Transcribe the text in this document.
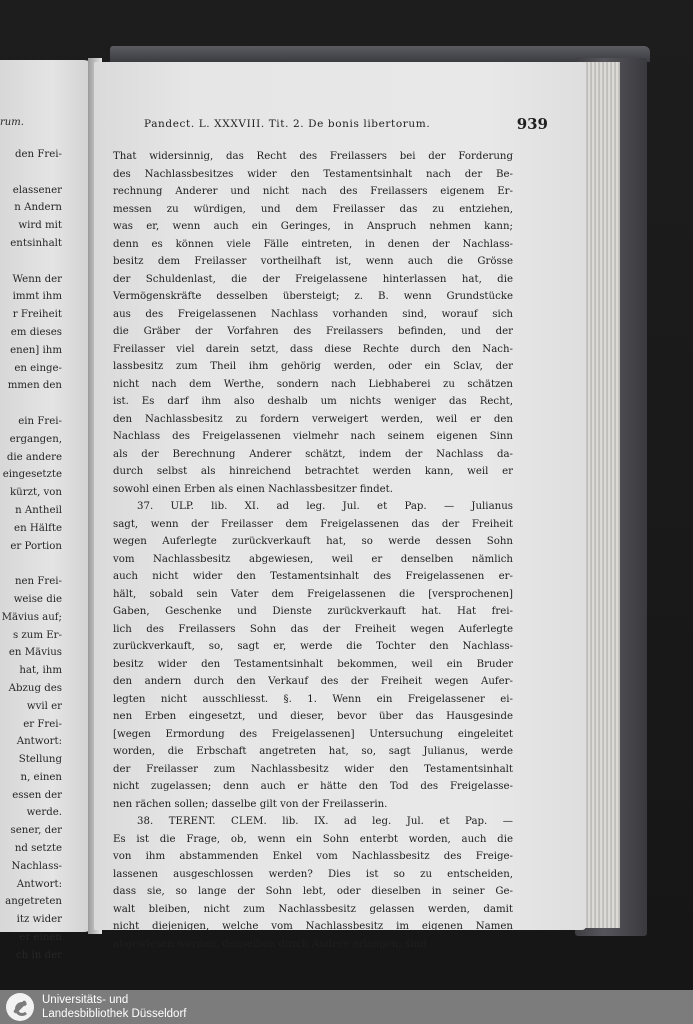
rum.
den Frei-
elassener
n Andern
wird mit
entsinhalt
Wenn der
immt ihm
r Freiheit
em dieses
enen] ihm
en einge-
mmen den
ein Frei-
ergangen,
die andere
eingesetzte
kürzt, von
n Antheil
en Hälfte
er Portion
nen Frei-
weise die
Mävius auf;
s zum Er-
en Mävius
hat, ihm
Abzug des
wvil er
er Frei-
Antwort:
Stellung
n, einen
essen der
werde.
sener, der
nd setzte
Nachlass-
Antwort:
angetreten
itz wider
er einen
ch in der
Pandect. L. XXXVIII. Tit. 2. De bonis libertorum.	939
That widersinnig, das Recht des Freilassers bei der Forderung
des Nachlassbesitzes wider den Testamentsinhalt nach der Be-
rechnung Anderer und nicht nach des Freilassers eigenem Er-
messen zu würdigen, und dem Freilasser das zu entziehen,
was er, wenn auch ein Geringes, in Anspruch nehmen kann;
denn es können viele Fälle eintreten, in denen der Nachlass-
besitz dem Freilasser vortheilhaft ist, wenn auch die Grösse
der Schuldenlast, die der Freigelassene hinterlassen hat, die
Vermögenskräfte desselben übersteigt; z. B. wenn Grundstücke
aus des Freigelassenen Nachlass vorhanden sind, worauf sich
die Gräber der Vorfahren des Freilassers befinden, und der
Freilasser viel darein setzt, dass diese Rechte durch den Nach-
lassbesitz zum Theil ihm gehörig werden, oder ein Sclav, der
nicht nach dem Werthe, sondern nach Liebhaberei zu schätzen
ist. Es darf ihm also deshalb um nichts weniger das Recht,
den Nachlassbesitz zu fordern verweigert werden, weil er den
Nachlass des Freigelassenen vielmehr nach seinem eigenen Sinn
als der Berechnung Anderer schätzt, indem der Nachlass da-
durch selbst als hinreichend betrachtet werden kann, weil er
sowohl einen Erben als einen Nachlassbesitzer findet.
37. ULP. lib. XI. ad leg. Jul. et Pap. — Julianus
sagt, wenn der Freilasser dem Freigelassenen das der Freiheit
wegen Auferlegte zurückverkauft hat, so werde dessen Sohn
vom Nachlassbesitz abgewiesen, weil er denselben nämlich
auch nicht wider den Testamentsinhalt des Freigelassenen er-
hält, sobald sein Vater dem Freigelassenen die [versprochenen]
Gaben, Geschenke und Dienste zurückverkauft hat. Hat frei-
lich des Freilassers Sohn das der Freiheit wegen Auferlegte
zurückverkauft, so, sagt er, werde die Tochter den Nachlass-
besitz wider den Testamentsinhalt bekommen, weil ein Bruder
den andern durch den Verkauf des der Freiheit wegen Aufer-
legten nicht ausschliesst. §. 1. Wenn ein Freigelassener ei-
nen Erben eingesetzt, und dieser, bevor über das Hausgesinde
[wegen Ermordung des Freigelassenen] Untersuchung eingeleitet
worden, die Erbschaft angetreten hat, so, sagt Julianus, werde
der Freilasser zum Nachlassbesitz wider den Testamentsinhalt
nicht zugelassen; denn auch er hätte den Tod des Freigelasse-
nen rächen sollen; dasselbe gilt von der Freilasserin.
38. TERENT. CLEM. lib. IX. ad leg. Jul. et Pap. —
Es ist die Frage, ob, wenn ein Sohn enterbt worden, auch die
von ihm abstammenden Enkel vom Nachlassbesitz des Freige-
lassenen ausgeschlossen werden? Dies ist so zu entscheiden,
dass sie, so lange der Sohn lebt, oder dieselben in seiner Ge-
walt bleiben, nicht zum Nachlassbesitz gelassen werden, damit
nicht diejenigen, welche vom Nachlassbesitz im eigenen Namen
abgewiesen werden, denselben durch Andere erlangen; sind
Universitäts- und
Landesbibliothek Düsseldorf
